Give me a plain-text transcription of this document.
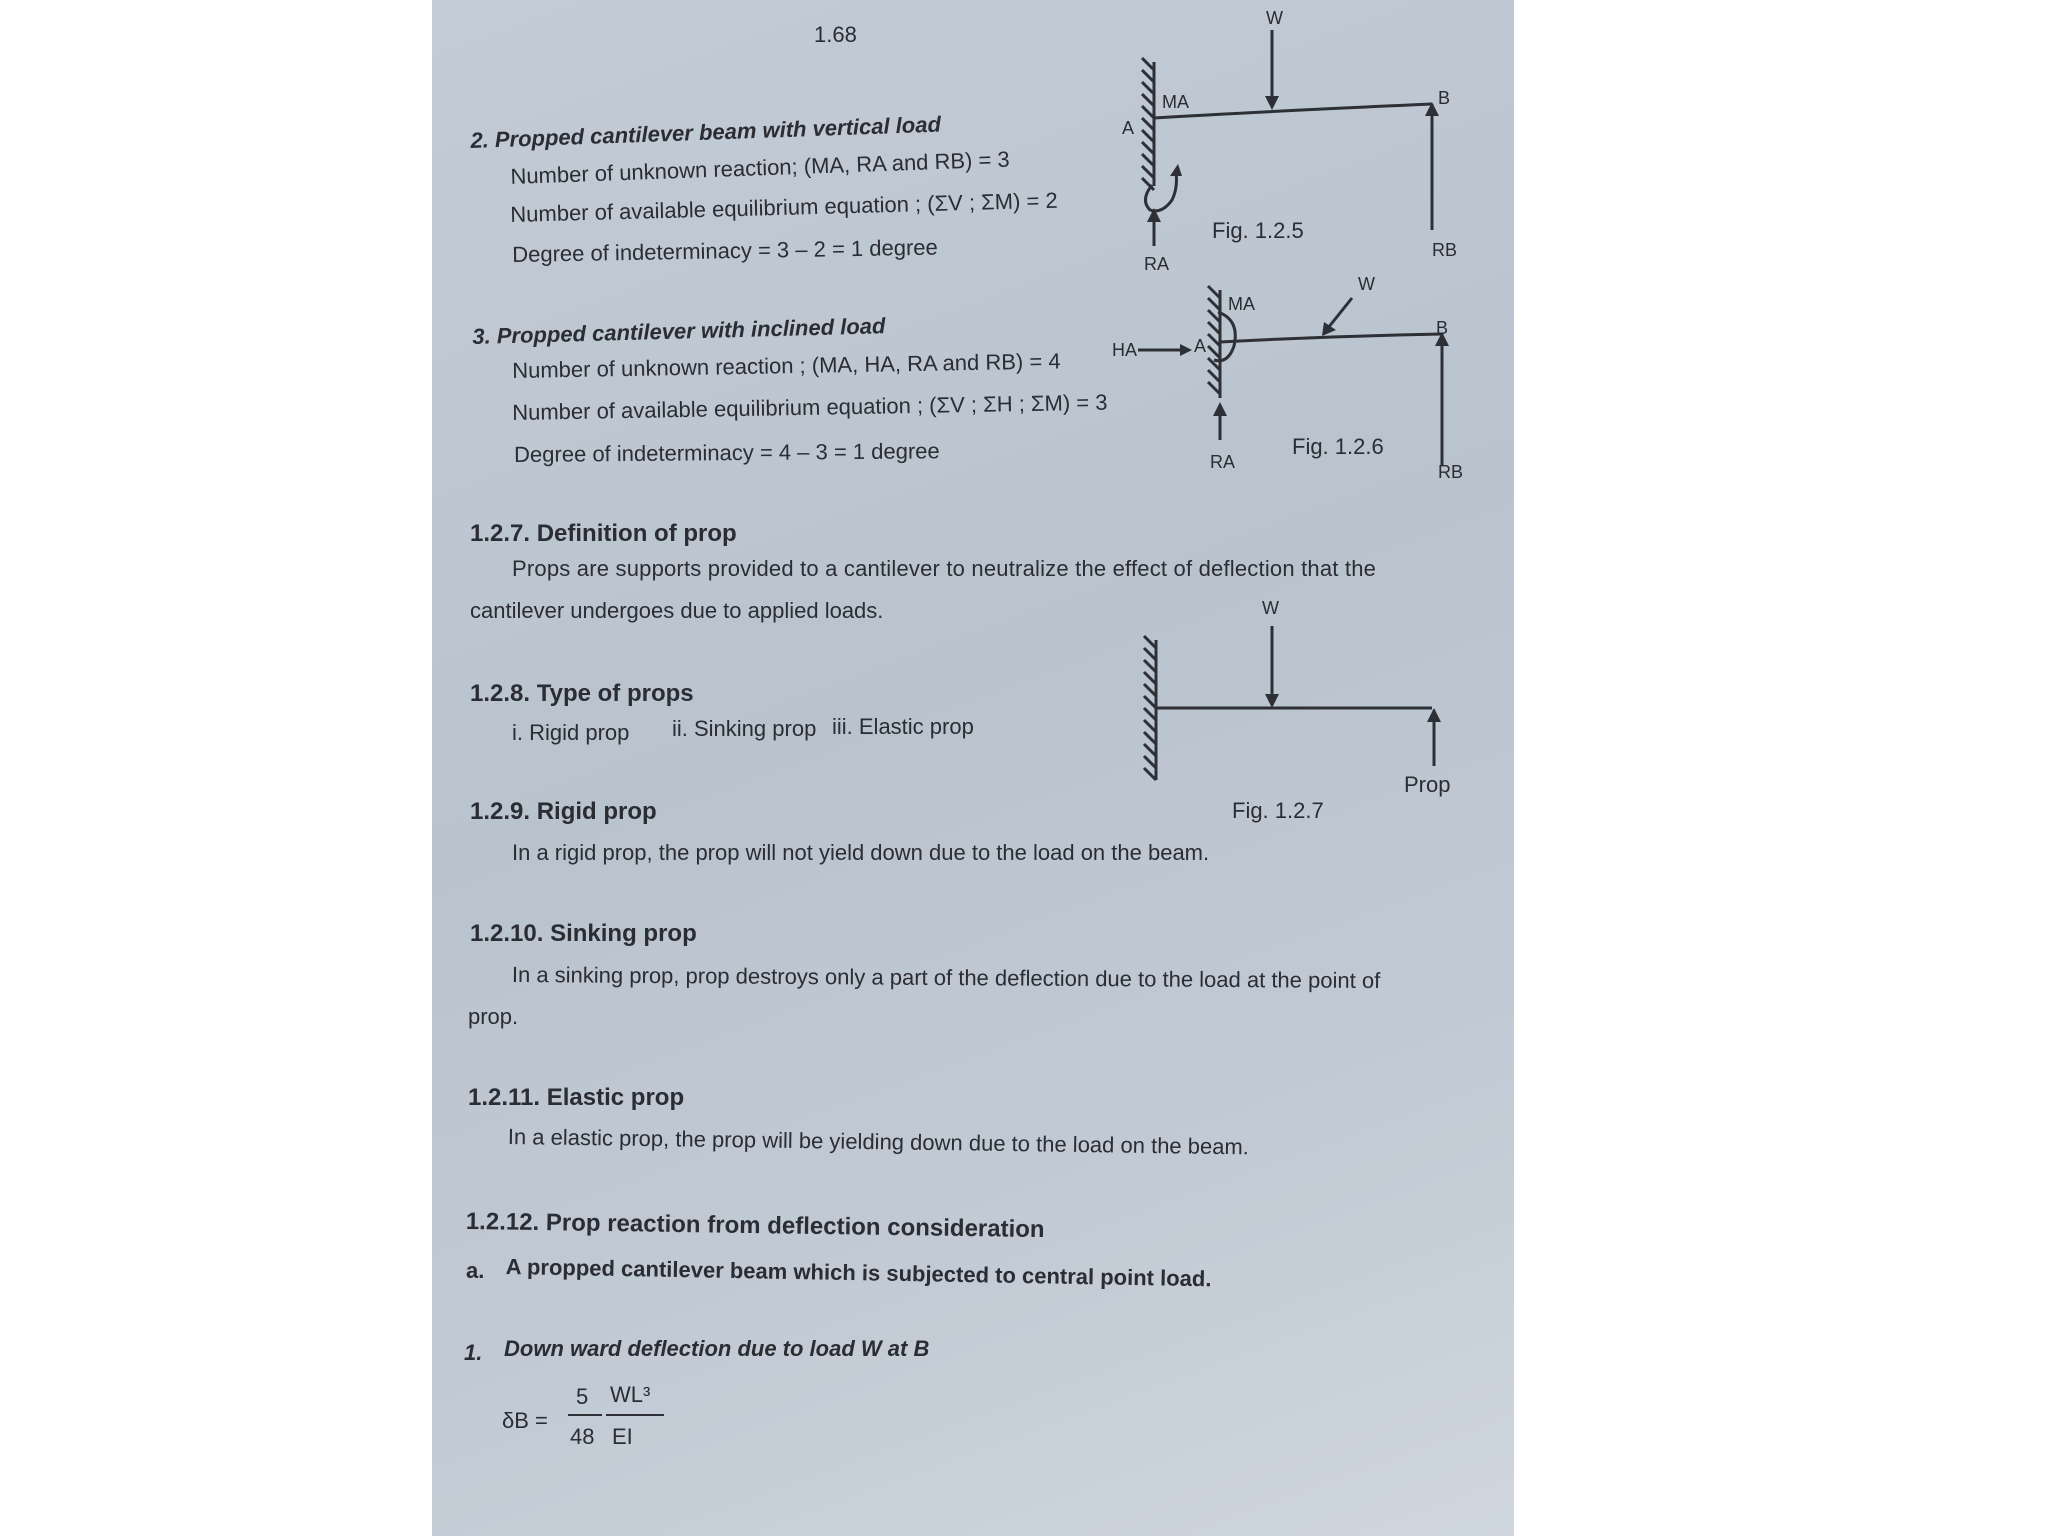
1.68
2. Propped cantilever beam with vertical load
Number of unknown reaction; (MA, RA and RB) = 3
Number of available equilibrium equation ; (ΣV ; ΣM) = 2
Degree of indeterminacy = 3 – 2 = 1 degree
W
A
B
MA
RA
RB
Fig. 1.2.5
3. Propped cantilever with inclined load
Number of unknown reaction ; (MA, HA, RA and RB) = 4
Number of available equilibrium equation ; (ΣV ; ΣH ; ΣM) = 3
Degree of indeterminacy = 4 – 3 = 1 degree
W
A
B
MA
HA
RA	RB
Fig. 1.2.6
1.2.7. Definition of prop
Props are supports provided to a cantilever to neutralize the effect of deflection that the
cantilever undergoes due to applied loads.
1.2.8. Type of props
i. Rigid prop ii. Sinking prop iii. Elastic prop
W
Prop
Fig. 1.2.7
1.2.9. Rigid prop
In a rigid prop, the prop will not yield down due to the load on the beam.
1.2.10. Sinking prop
In a sinking prop, prop destroys only a part of the deflection due to the load at the point of
prop.
1.2.11. Elastic prop
In a elastic prop, the prop will be yielding down due to the load on the beam.
1.2.12. Prop reaction from deflection consideration
a. A propped cantilever beam which is subjected to central point load.
1. Down ward deflection due to load W at B
δB =
5
48
WL³
EI
